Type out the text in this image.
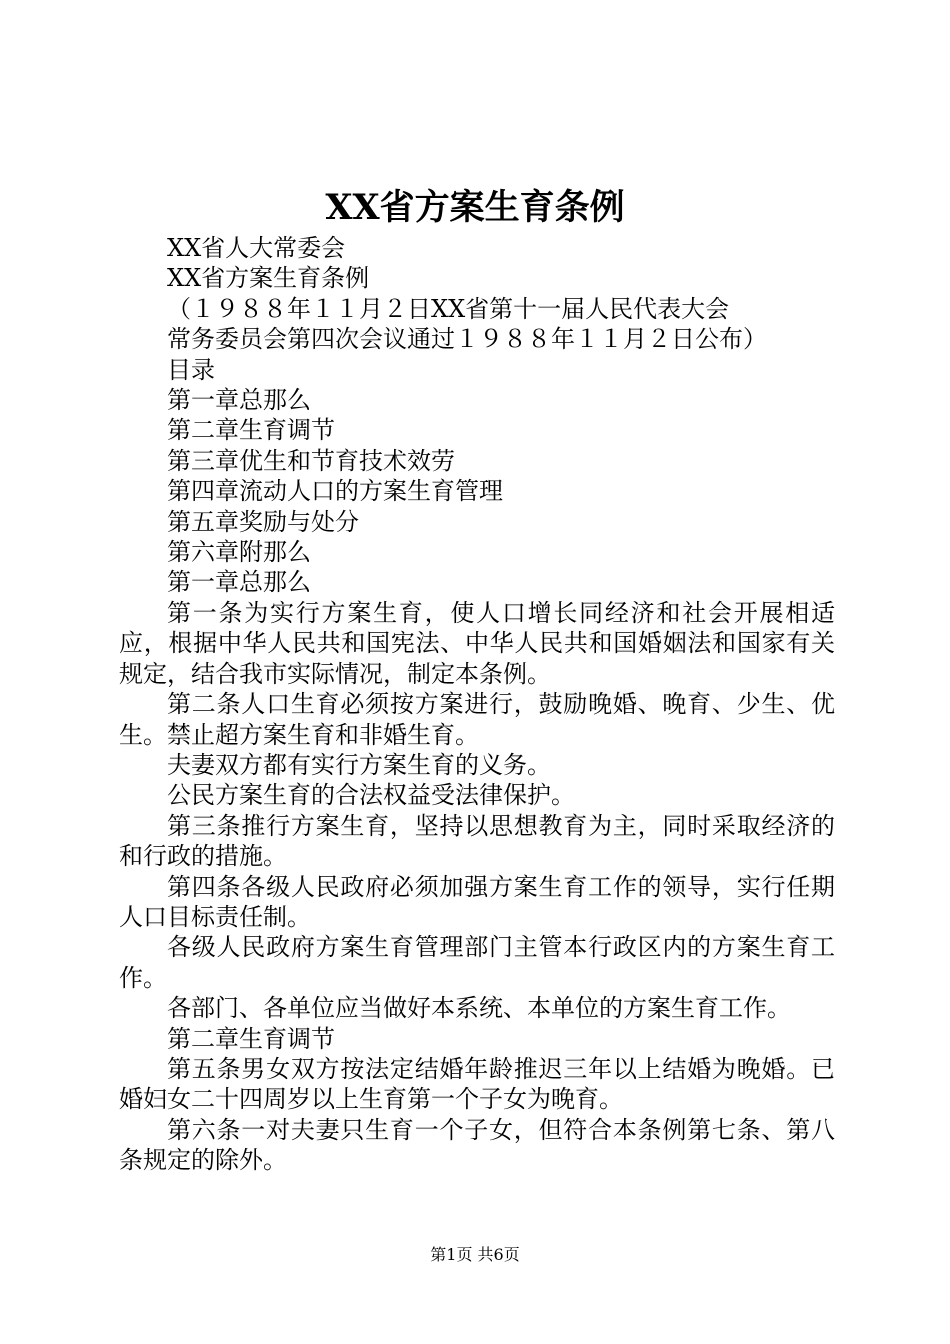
XX省方案生育条例

XX省人大常委会

XX省方案生育条例

（１９８８年１１月２日XX省第十一届人民代表大会

常务委员会第四次会议通过１９８８年１１月２日公布）

目录

第一章总那么

第二章生育调节

第三章优生和节育技术效劳

第四章流动人口的方案生育管理

第五章奖励与处分

第六章附那么

第一章总那么

第一条为实行方案生育，使人口增长同经济和社会开展相适应，根据中华人民共和国宪法、中华人民共和国婚姻法和国家有关规定，结合我市实际情况，制定本条例。

第二条人口生育必须按方案进行，鼓励晚婚、晚育、少生、优生。禁止超方案生育和非婚生育。

夫妻双方都有实行方案生育的义务。

公民方案生育的合法权益受法律保护。

第三条推行方案生育，坚持以思想教育为主，同时采取经济的和行政的措施。

第四条各级人民政府必须加强方案生育工作的领导，实行任期人口目标责任制。

各级人民政府方案生育管理部门主管本行政区内的方案生育工作。

各部门、各单位应当做好本系统、本单位的方案生育工作。

第二章生育调节

第五条男女双方按法定结婚年龄推迟三年以上结婚为晚婚。已婚妇女二十四周岁以上生育第一个子女为晚育。

第六条一对夫妻只生育一个子女，但符合本条例第七条、第八条规定的除外。

第1页 共6页
